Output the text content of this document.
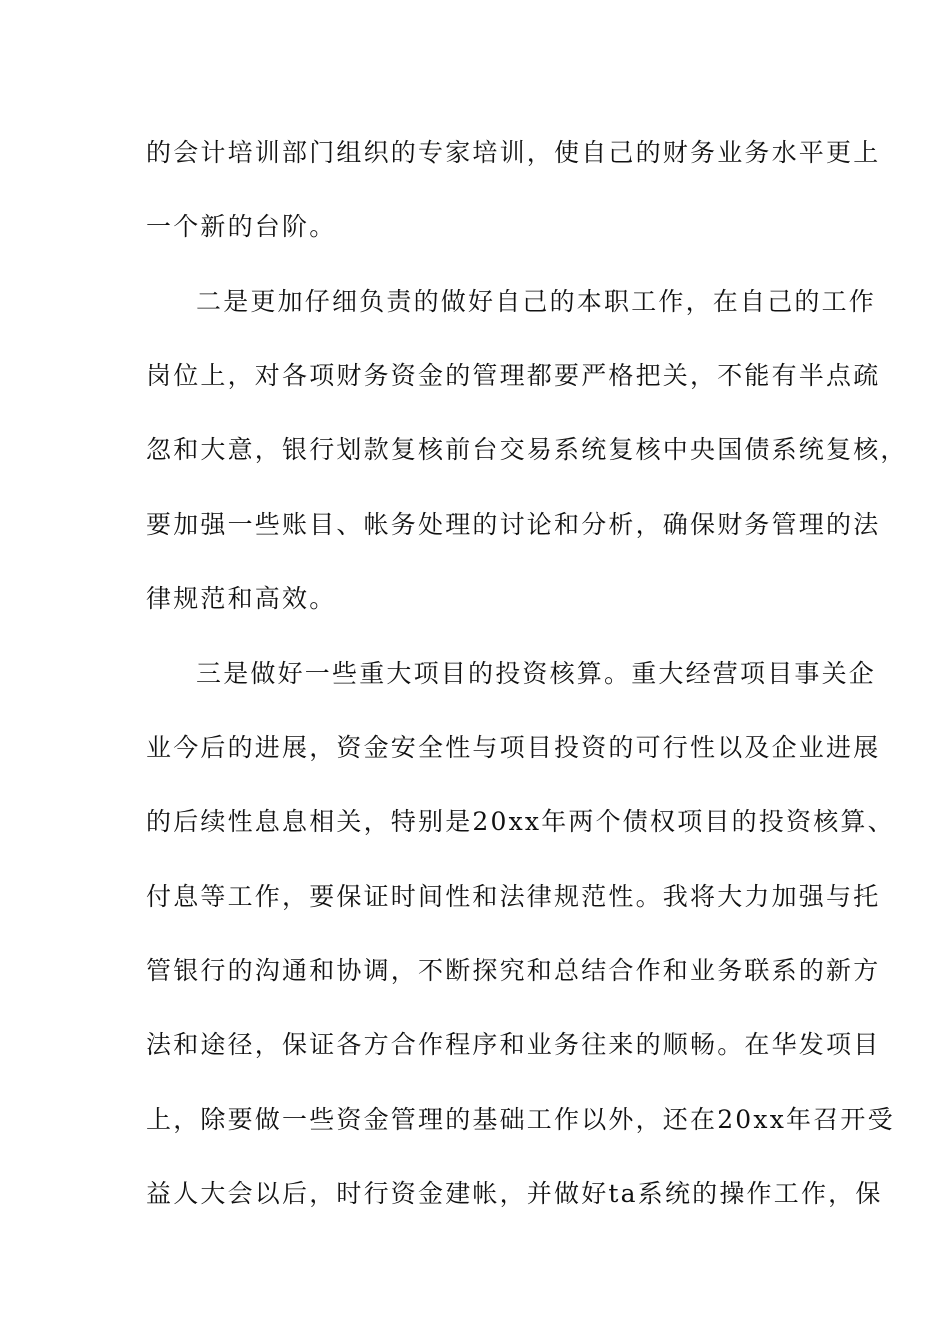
的会计培训部门组织的专家培训，使自己的财务业务水平更上
一个新的台阶。
二是更加仔细负责的做好自己的本职工作，在自己的工作
岗位上，对各项财务资金的管理都要严格把关，不能有半点疏
忽和大意，银行划款复核前台交易系统复核中央国债系统复核，
要加强一些账目、帐务处理的讨论和分析，确保财务管理的法
律规范和高效。
三是做好一些重大项目的投资核算。重大经营项目事关企
业今后的进展，资金安全性与项目投资的可行性以及企业进展
的后续性息息相关，特别是20xx年两个债权项目的投资核算、
付息等工作，要保证时间性和法律规范性。我将大力加强与托
管银行的沟通和协调，不断探究和总结合作和业务联系的新方
法和途径，保证各方合作程序和业务往来的顺畅。在华发项目
上，除要做一些资金管理的基础工作以外，还在20xx年召开受
益人大会以后，时行资金建帐，并做好ta系统的操作工作，保
